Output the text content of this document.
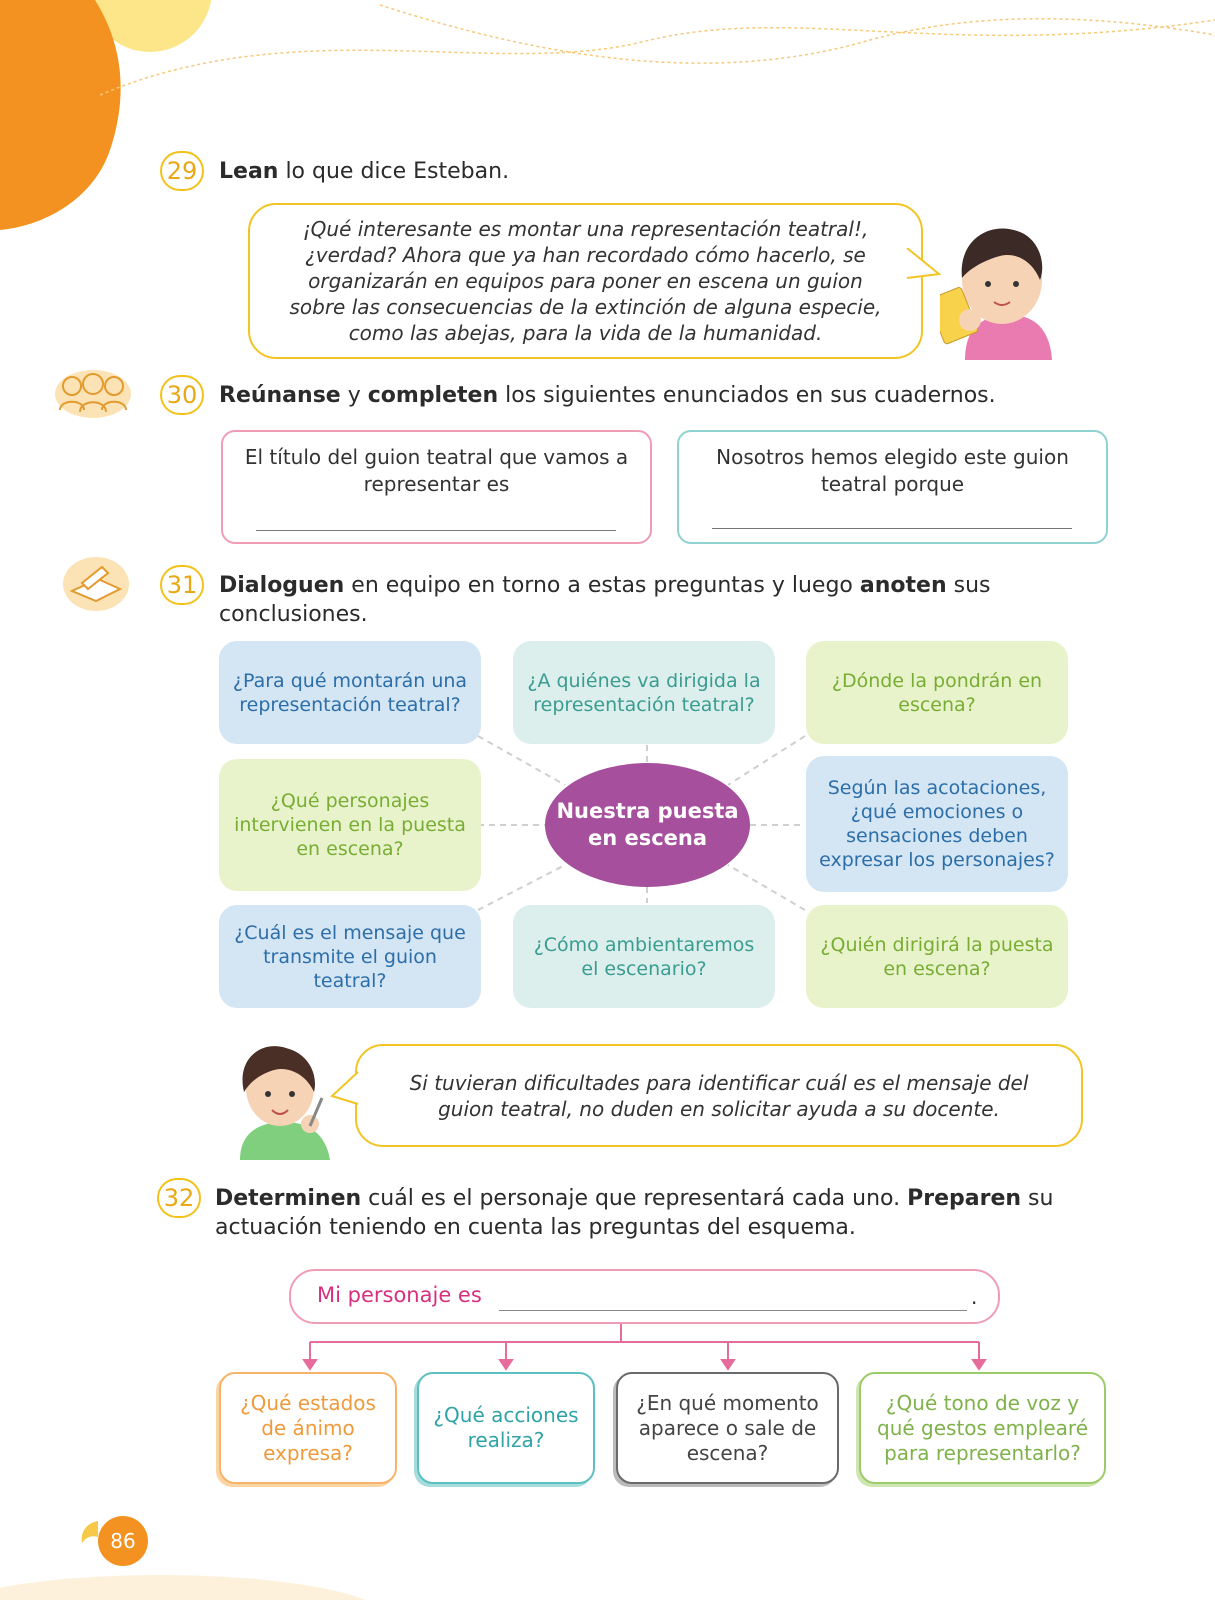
29 Lean lo que dice Esteban.
¡Qué interesante es montar una representación teatral!, ¿verdad? Ahora que ya han recordado cómo hacerlo, se organizarán en equipos para poner en escena un guion sobre las consecuencias de la extinción de alguna especie, como las abejas, para la vida de la humanidad.
30 Reúnanse y completen los siguientes enunciados en sus cuadernos.
El título del guion teatral que vamos a representar es
Nosotros hemos elegido este guion teatral porque
31 Dialoguen en equipo en torno a estas preguntas y luego anoten sus conclusiones.
¿Para qué montarán una representación teatral?
¿A quiénes va dirigida la representación teatral?
¿Dónde la pondrán en escena?
¿Qué personajes intervienen en la puesta en escena?
Nuestra puesta en escena
Según las acotaciones, ¿qué emociones o sensaciones deben expresar los personajes?
¿Cuál es el mensaje que transmite el guion teatral?
¿Cómo ambientaremos el escenario?
¿Quién dirigirá la puesta en escena?
Si tuvieran dificultades para identificar cuál es el mensaje del guion teatral, no duden en solicitar ayuda a su docente.
32 Determinen cuál es el personaje que representará cada uno. Preparen su actuación teniendo en cuenta las preguntas del esquema.
Mi personaje es	.
¿Qué estados de ánimo expresa?
¿Qué acciones realiza?
¿En qué momento aparece o sale de escena?
¿Qué tono de voz y qué gestos emplearé para representarlo?
86
